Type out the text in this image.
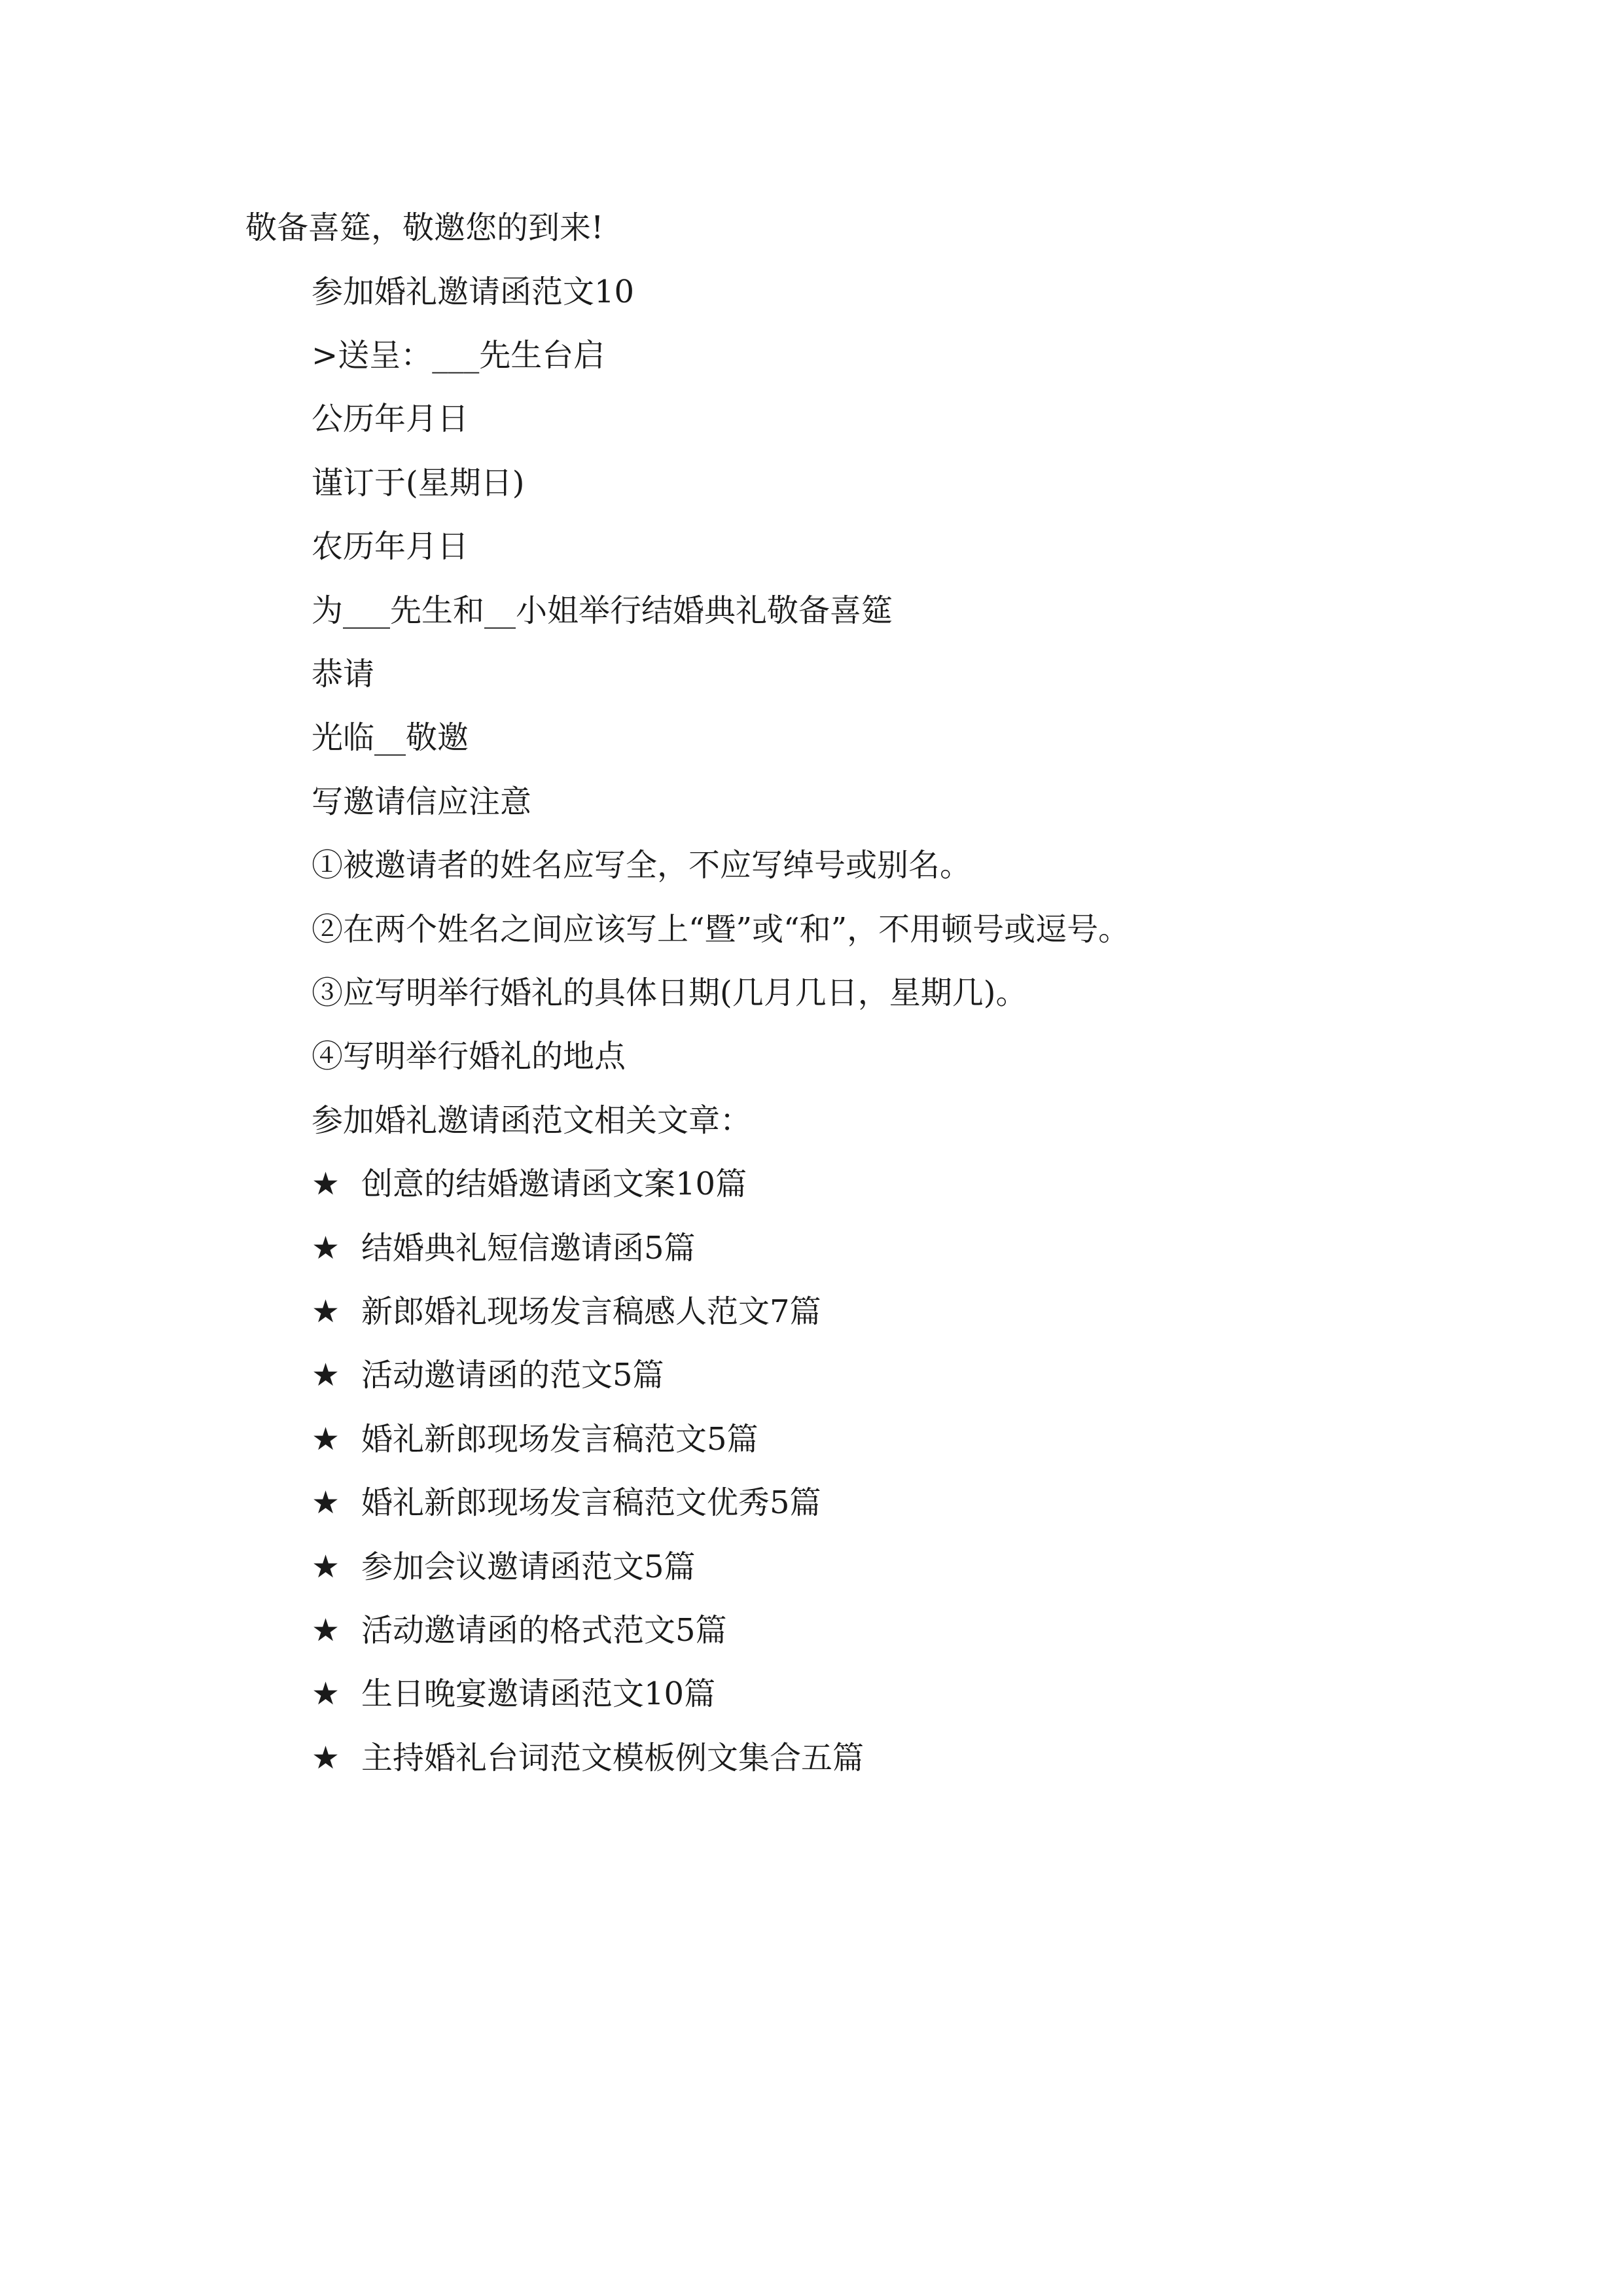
敬备喜筵，敬邀您的到来!
参加婚礼邀请函范文10
>送呈：___先生台启
公历年月日
谨订于(星期日)
农历年月日
为___先生和__小姐举行结婚典礼敬备喜筵
恭请
光临__敬邀
写邀请信应注意
①被邀请者的姓名应写全，不应写绰号或别名。
②在两个姓名之间应该写上“暨”或“和”，不用顿号或逗号。
③应写明举行婚礼的具体日期(几月几日，星期几)。
④写明举行婚礼的地点
参加婚礼邀请函范文相关文章：
★ 创意的结婚邀请函文案10篇
★ 结婚典礼短信邀请函5篇
★ 新郎婚礼现场发言稿感人范文7篇
★ 活动邀请函的范文5篇
★ 婚礼新郎现场发言稿范文5篇
★ 婚礼新郎现场发言稿范文优秀5篇
★ 参加会议邀请函范文5篇
★ 活动邀请函的格式范文5篇
★ 生日晚宴邀请函范文10篇
★ 主持婚礼台词范文模板例文集合五篇
